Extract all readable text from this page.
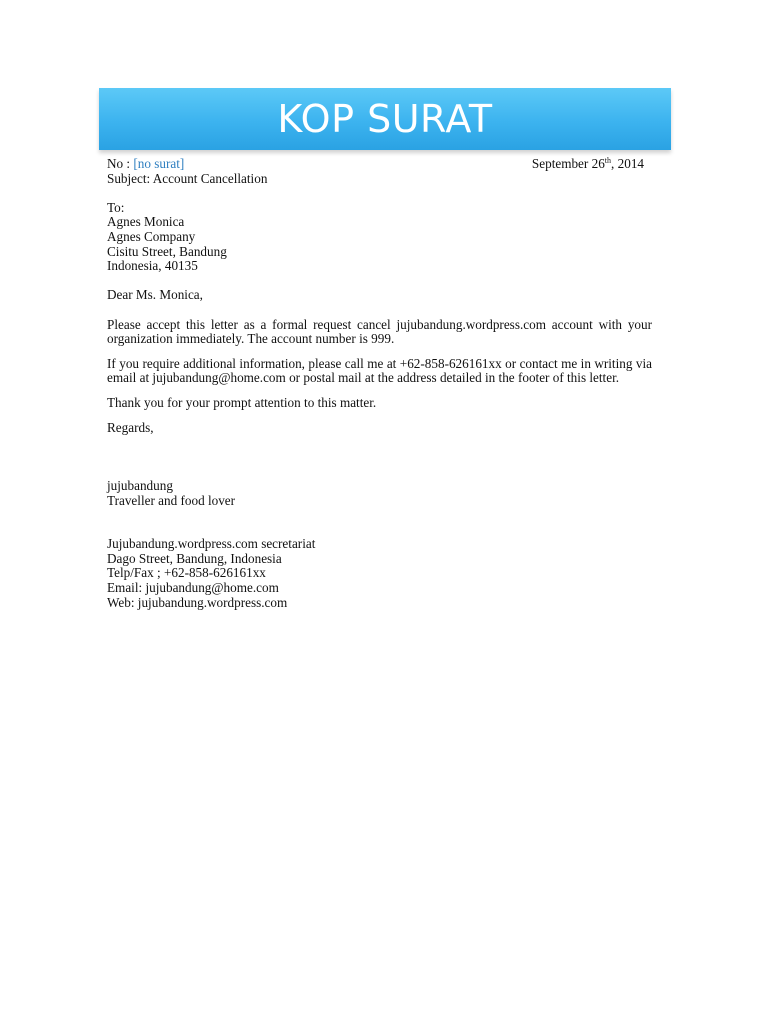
KOP SURAT
No : [no surat]	September 26th, 2014
Subject: Account Cancellation
To:
Agnes Monica
Agnes Company
Cisitu Street, Bandung
Indonesia, 40135
Dear Ms. Monica,

Please accept this letter as a formal request cancel jujubandung.wordpress.com account with your organization immediately. The account number is 999.

If you require additional information, please call me at +62-858-626161xx or contact me in writing via email at jujubandung@home.com or postal mail at the address detailed in the footer of this letter.

Thank you for your prompt attention to this matter.
Regards,
jujubandung
Traveller and food lover
Jujubandung.wordpress.com secretariat
Dago Street, Bandung, Indonesia
Telp/Fax ; +62-858-626161xx
Email: jujubandung@home.com
Web: jujubandung.wordpress.com
